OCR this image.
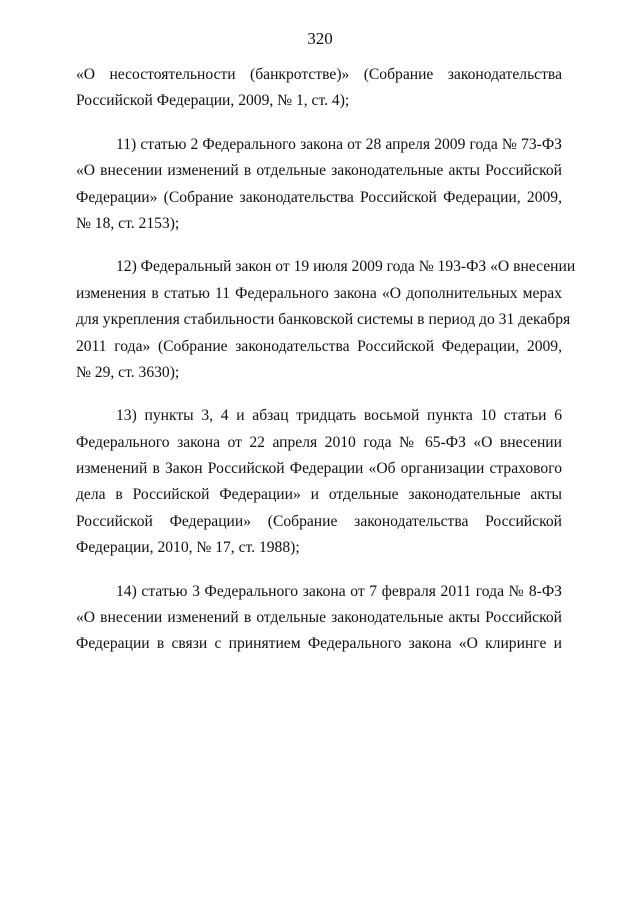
320
«О несостоятельности (банкротстве)» (Собрание законодательства
Российской Федерации, 2009, № 1, ст. 4);
11) статью 2 Федерального закона от 28 апреля 2009 года № 73-ФЗ
«О внесении изменений в отдельные законодательные акты Российской
Федерации» (Собрание законодательства Российской Федерации, 2009,
№ 18, ст. 2153);
12) Федеральный закон от 19 июля 2009 года № 193-ФЗ «О внесении
изменения в статью 11 Федерального закона «О дополнительных мерах
для укрепления стабильности банковской системы в период до 31 декабря
2011 года» (Собрание законодательства Российской Федерации, 2009,
№ 29, ст. 3630);
13) пункты 3, 4 и абзац тридцать восьмой пункта 10 статьи 6
Федерального закона от 22 апреля 2010 года № 65-ФЗ «О внесении
изменений в Закон Российской Федерации «Об организации страхового
дела в Российской Федерации» и отдельные законодательные акты
Российской Федерации» (Собрание законодательства Российской
Федерации, 2010, № 17, ст. 1988);
14) статью 3 Федерального закона от 7 февраля 2011 года № 8-ФЗ
«О внесении изменений в отдельные законодательные акты Российской
Федерации в связи с принятием Федерального закона «О клиринге и
